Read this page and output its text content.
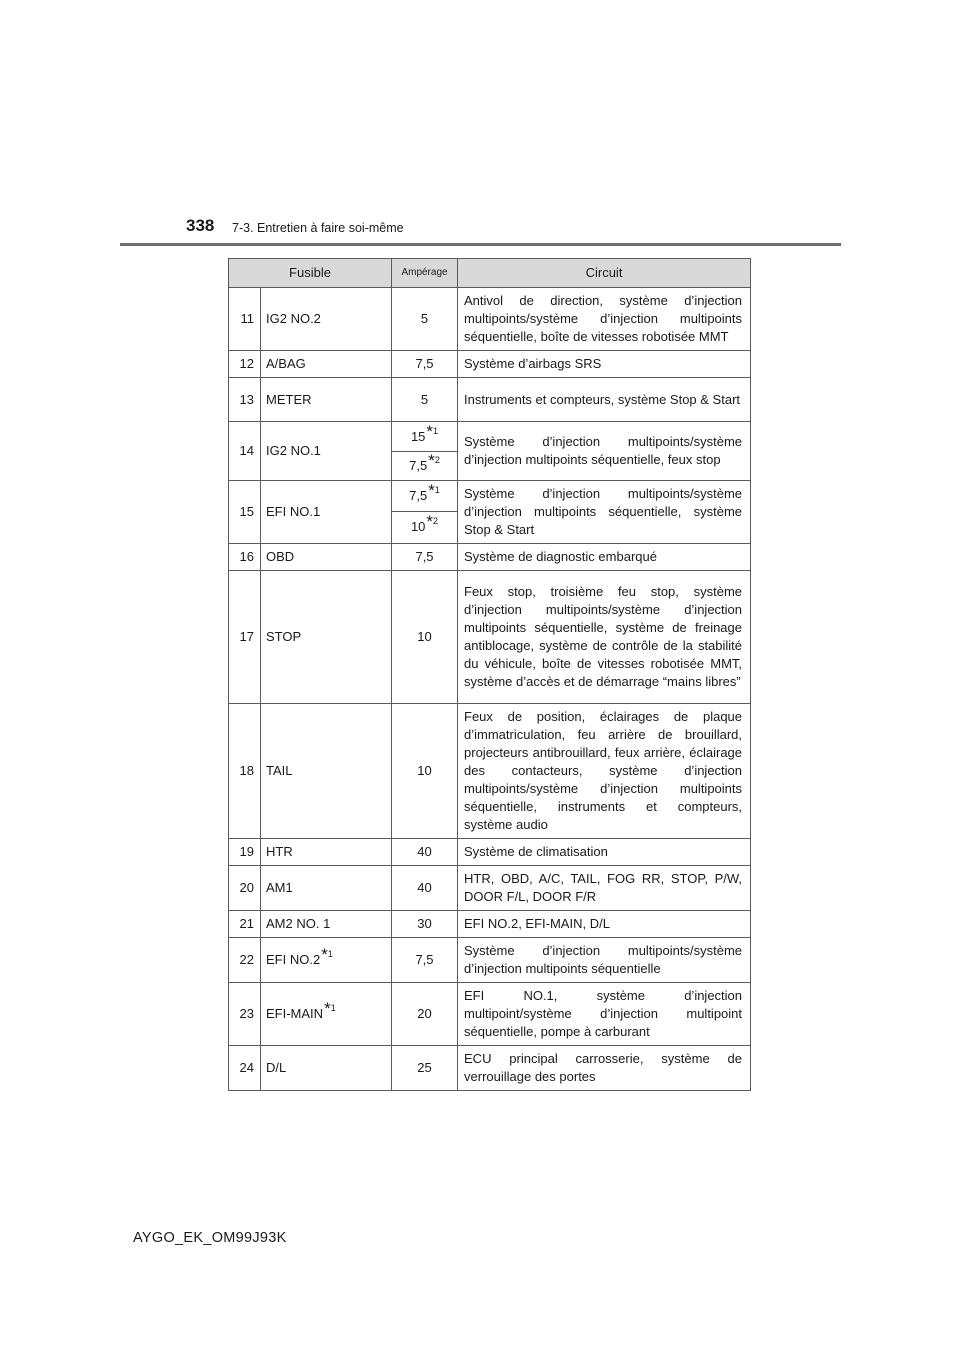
338 7-3. Entretien à faire soi-même
Fusible		Ampérage	Circuit
11	IG2 NO.2	5	Antivol de direction, système d’injection multipoints/système d’injection multipoints séquentielle, boîte de vitesses robotisée MMT
12	A/BAG	7,5	Système d’airbags SRS
13	METER	5	Instruments et compteurs, système Stop & Start
14	IG2 NO.1	15*$^1$	Système d’injection multipoints/système d’injection multipoints séquentielle, feux stop
		7,5*$^2$
15	EFI NO.1	7,5*$^1$	Système d’injection multipoints/système d’injection multipoints séquentielle, système Stop & Start
		10*$^2$
16	OBD	7,5	Système de diagnostic embarqué
17	STOP	10	Feux stop, troisième feu stop, système d’injection multipoints/système d’injection multipoints séquentielle, système de freinage antiblocage, système de contrôle de la stabilité du véhicule, boîte de vitesses robotisée MMT, système d’accès et de démarrage “mains libres”
18	TAIL	10	Feux de position, éclairages de plaque d’immatriculation, feu arrière de brouillard, projecteurs antibrouillard, feux arrière, éclairage des contacteurs, système d’injection multipoints/système d’injection multipoints séquentielle, instruments et compteurs, système audio
19	HTR	40	Système de climatisation
20	AM1	40	HTR, OBD, A/C, TAIL, FOG RR, STOP, P/W, DOOR F/L, DOOR F/R
21	AM2 NO. 1	30	EFI NO.2, EFI-MAIN, D/L
22	EFI NO.2*$^1$	7,5	Système d’injection multipoints/système d’injection multipoints séquentielle
23	EFI-MAIN*$^1$	20	EFI NO.1, système d’injection multipoint/système d’injection multipoint séquentielle, pompe à carburant
24	D/L	25	ECU principal carrosserie, système de verrouillage des portes
AYGO_EK_OM99J93K
